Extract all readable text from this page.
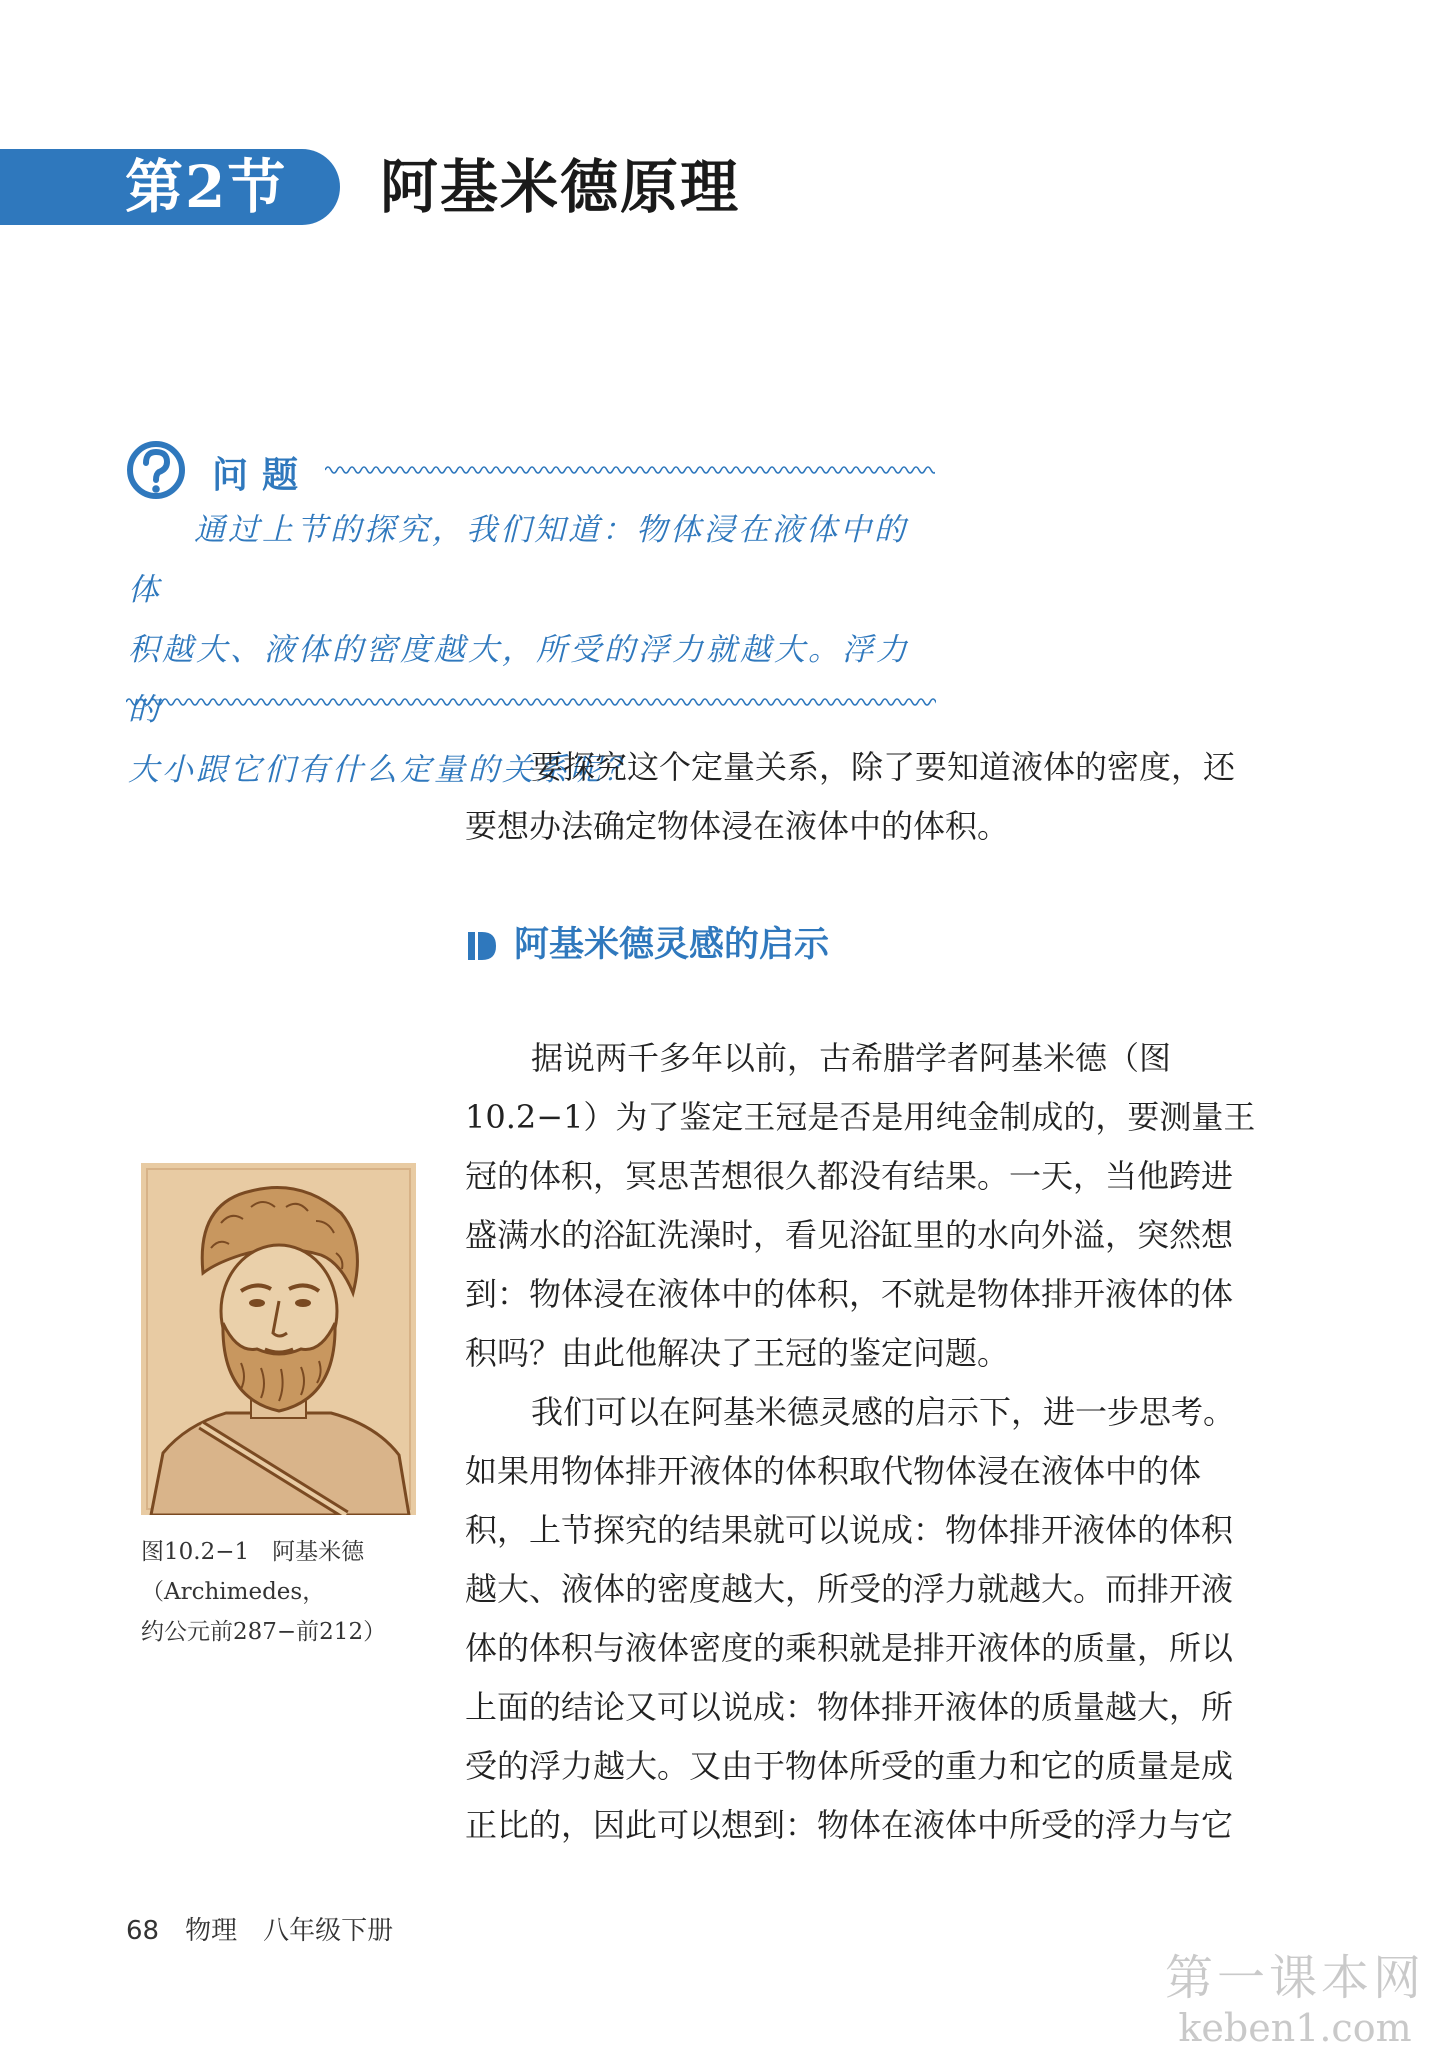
第2节 阿基米德原理
问题
通过上节的探究，我们知道：物体浸在液体中的体
积越大、液体的密度越大，所受的浮力就越大。浮力的
大小跟它们有什么定量的关系呢？
要探究这个定量关系，除了要知道液体的密度，还
要想办法确定物体浸在液体中的体积。
阿基米德灵感的启示
据说两千多年以前，古希腊学者阿基米德（图
10.2−1）为了鉴定王冠是否是用纯金制成的，要测量王
冠的体积，冥思苦想很久都没有结果。一天，当他跨进
盛满水的浴缸洗澡时，看见浴缸里的水向外溢，突然想
到：物体浸在液体中的体积，不就是物体排开液体的体
积吗？由此他解决了王冠的鉴定问题。
我们可以在阿基米德灵感的启示下，进一步思考。
如果用物体排开液体的体积取代物体浸在液体中的体
积，上节探究的结果就可以说成：物体排开液体的体积
越大、液体的密度越大，所受的浮力就越大。而排开液
体的体积与液体密度的乘积就是排开液体的质量，所以
上面的结论又可以说成：物体排开液体的质量越大，所
受的浮力越大。又由于物体所受的重力和它的质量是成
正比的，因此可以想到：物体在液体中所受的浮力与它
图10.2−1　阿基米德
（Archimedes，
约公元前287−前212）
68 物理 八年级下册
第一课本网
keben1.com
